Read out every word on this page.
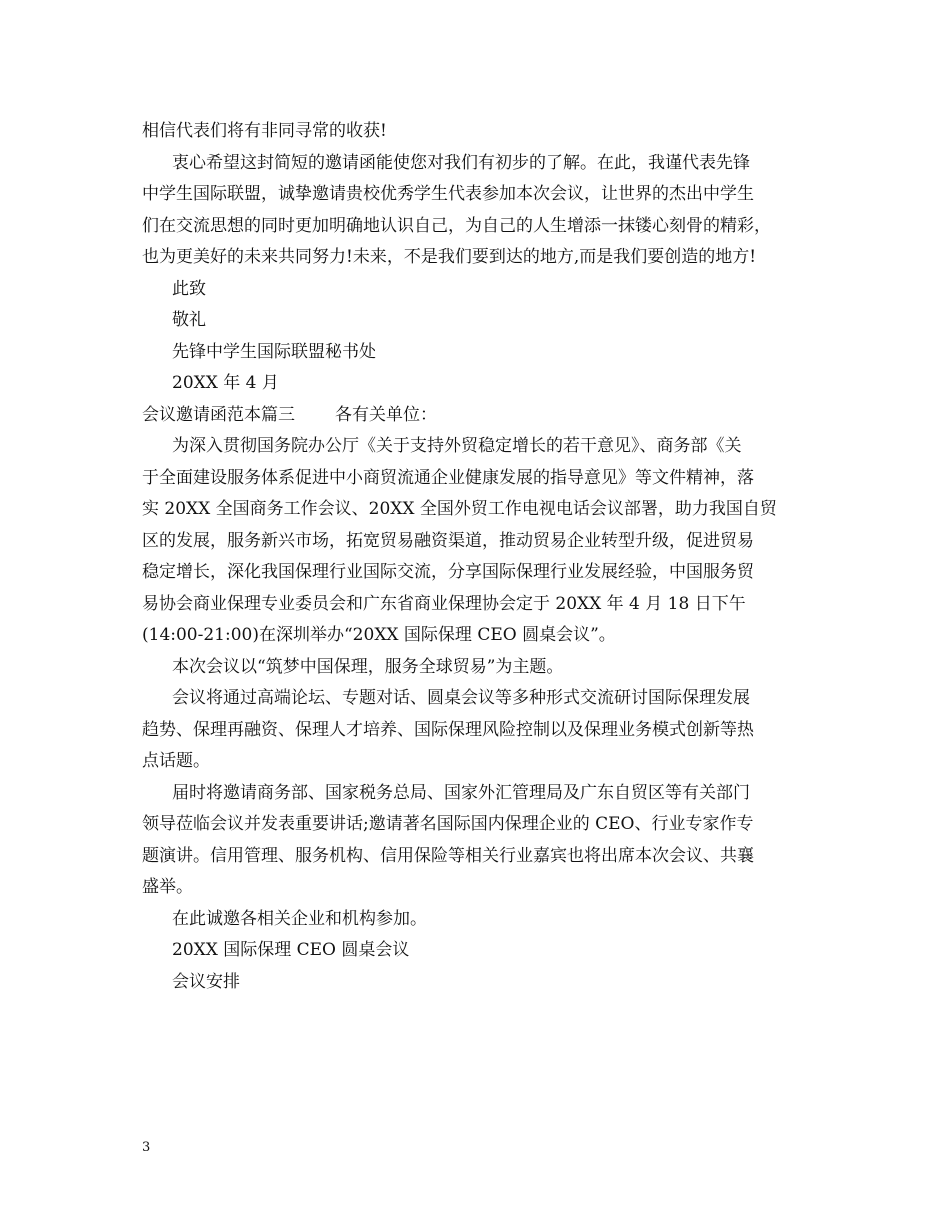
相信代表们将有非同寻常的收获!
衷心希望这封简短的邀请函能使您对我们有初步的了解。在此，我谨代表先锋
中学生国际联盟，诚挚邀请贵校优秀学生代表参加本次会议，让世界的杰出中学生
们在交流思想的同时更加明确地认识自己，为自己的人生增添一抹镂心刻骨的精彩，
也为更美好的未来共同努力!未来，不是我们要到达的地方,而是我们要创造的地方!
此致
敬礼
先锋中学生国际联盟秘书处
20XX 年 4 月
会议邀请函范本篇三 各有关单位：
为深入贯彻国务院办公厅《关于支持外贸稳定增长的若干意见》、商务部《关
于全面建设服务体系促进中小商贸流通企业健康发展的指导意见》等文件精神，落
实 20XX 全国商务工作会议、20XX 全国外贸工作电视电话会议部署，助力我国自贸
区的发展，服务新兴市场，拓宽贸易融资渠道，推动贸易企业转型升级，促进贸易
稳定增长，深化我国保理行业国际交流，分享国际保理行业发展经验，中国服务贸
易协会商业保理专业委员会和广东省商业保理协会定于 20XX 年 4 月 18 日下午
(14:00-21:00)在深圳举办“20XX 国际保理 CEO 圆桌会议”。
本次会议以“筑梦中国保理，服务全球贸易”为主题。
会议将通过高端论坛、专题对话、圆桌会议等多种形式交流研讨国际保理发展
趋势、保理再融资、保理人才培养、国际保理风险控制以及保理业务模式创新等热
点话题。
届时将邀请商务部、国家税务总局、国家外汇管理局及广东自贸区等有关部门
领导莅临会议并发表重要讲话;邀请著名国际国内保理企业的 CEO、行业专家作专
题演讲。信用管理、服务机构、信用保险等相关行业嘉宾也将出席本次会议、共襄
盛举。
在此诚邀各相关企业和机构参加。
20XX 国际保理 CEO 圆桌会议
会议安排
3
